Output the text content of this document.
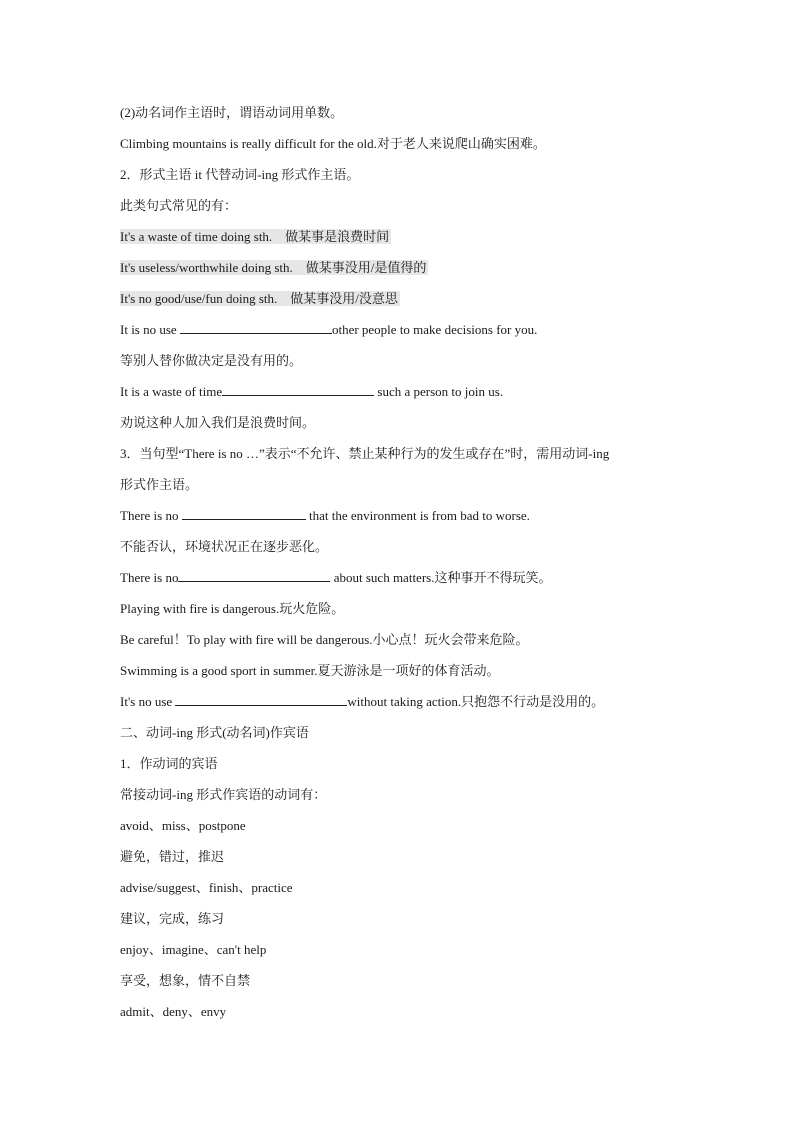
(2)动名词作主语时，谓语动词用单数。
Climbing mountains is really difficult for the old.对于老人来说爬山确实困难。
2．形式主语 it 代替动词-ing 形式作主语。
此类句式常见的有：
It's a waste of time doing sth.　做某事是浪费时间
It's useless/worthwhile doing sth.　做某事没用/是值得的
It's no good/use/fun doing sth.　做某事没用/没意思
It is no use	other people to make decisions for you.
等别人替你做决定是没有用的。
It is a waste of time	such a person to join us.
劝说这种人加入我们是浪费时间。
3．当句型“There is no …”表示“不允许、禁止某种行为的发生或存在”时，需用动词-ing
形式作主语。
There is no	that the environment is from bad to worse.
不能否认，环境状况正在逐步恶化。
There is no	about such matters.这种事开不得玩笑。
Playing with fire is dangerous.玩火危险。
Be careful！To play with fire will be dangerous.小心点！玩火会带来危险。
Swimming is a good sport in summer.夏天游泳是一项好的体育活动。
It's no use	without taking action.只抱怨不行动是没用的。
二、动词-ing 形式(动名词)作宾语
1．作动词的宾语
常接动词-ing 形式作宾语的动词有：
avoid、miss、postpone
避免，错过，推迟
advise/suggest、finish、practice
建议，完成，练习
enjoy、imagine、can't help
享受，想象，情不自禁
admit、deny、envy
